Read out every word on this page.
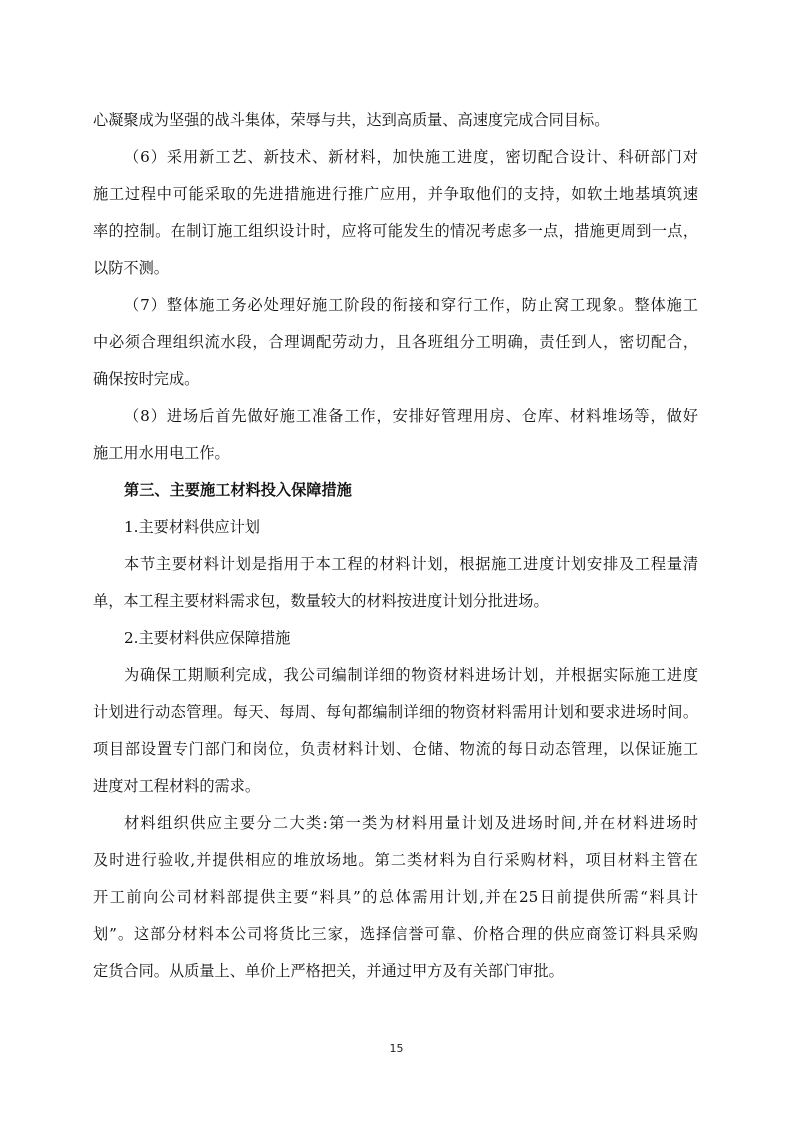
心凝聚成为坚强的战斗集体，荣辱与共，达到高质量、高速度完成合同目标。
（6）采用新工艺、新技术、新材料，加快施工进度，密切配合设计、科研部门对
施工过程中可能采取的先进措施进行推广应用，并争取他们的支持，如软土地基填筑速
率的控制。在制订施工组织设计时，应将可能发生的情况考虑多一点，措施更周到一点，
以防不测。
（7）整体施工务必处理好施工阶段的衔接和穿行工作，防止窝工现象。整体施工
中必须合理组织流水段，合理调配劳动力，且各班组分工明确，责任到人，密切配合，
确保按时完成。
（8）进场后首先做好施工准备工作，安排好管理用房、仓库、材料堆场等，做好
施工用水用电工作。
第三、主要施工材料投入保障措施
1.主要材料供应计划
本节主要材料计划是指用于本工程的材料计划，根据施工进度计划安排及工程量清
单，本工程主要材料需求包，数量较大的材料按进度计划分批进场。
2.主要材料供应保障措施
为确保工期顺利完成，我公司编制详细的物资材料进场计划，并根据实际施工进度
计划进行动态管理。每天、每周、每旬都编制详细的物资材料需用计划和要求进场时间。
项目部设置专门部门和岗位，负责材料计划、仓储、物流的每日动态管理，以保证施工
进度对工程材料的需求。
材料组织供应主要分二大类:第一类为材料用量计划及进场时间,并在材料进场时
及时进行验收,并提供相应的堆放场地。第二类材料为自行采购材料，项目材料主管在
开工前向公司材料部提供主要“料具”的总体需用计划,并在25日前提供所需“料具计
划”。这部分材料本公司将货比三家，选择信誉可靠、价格合理的供应商签订料具采购
定货合同。从质量上、单价上严格把关，并通过甲方及有关部门审批。
15
